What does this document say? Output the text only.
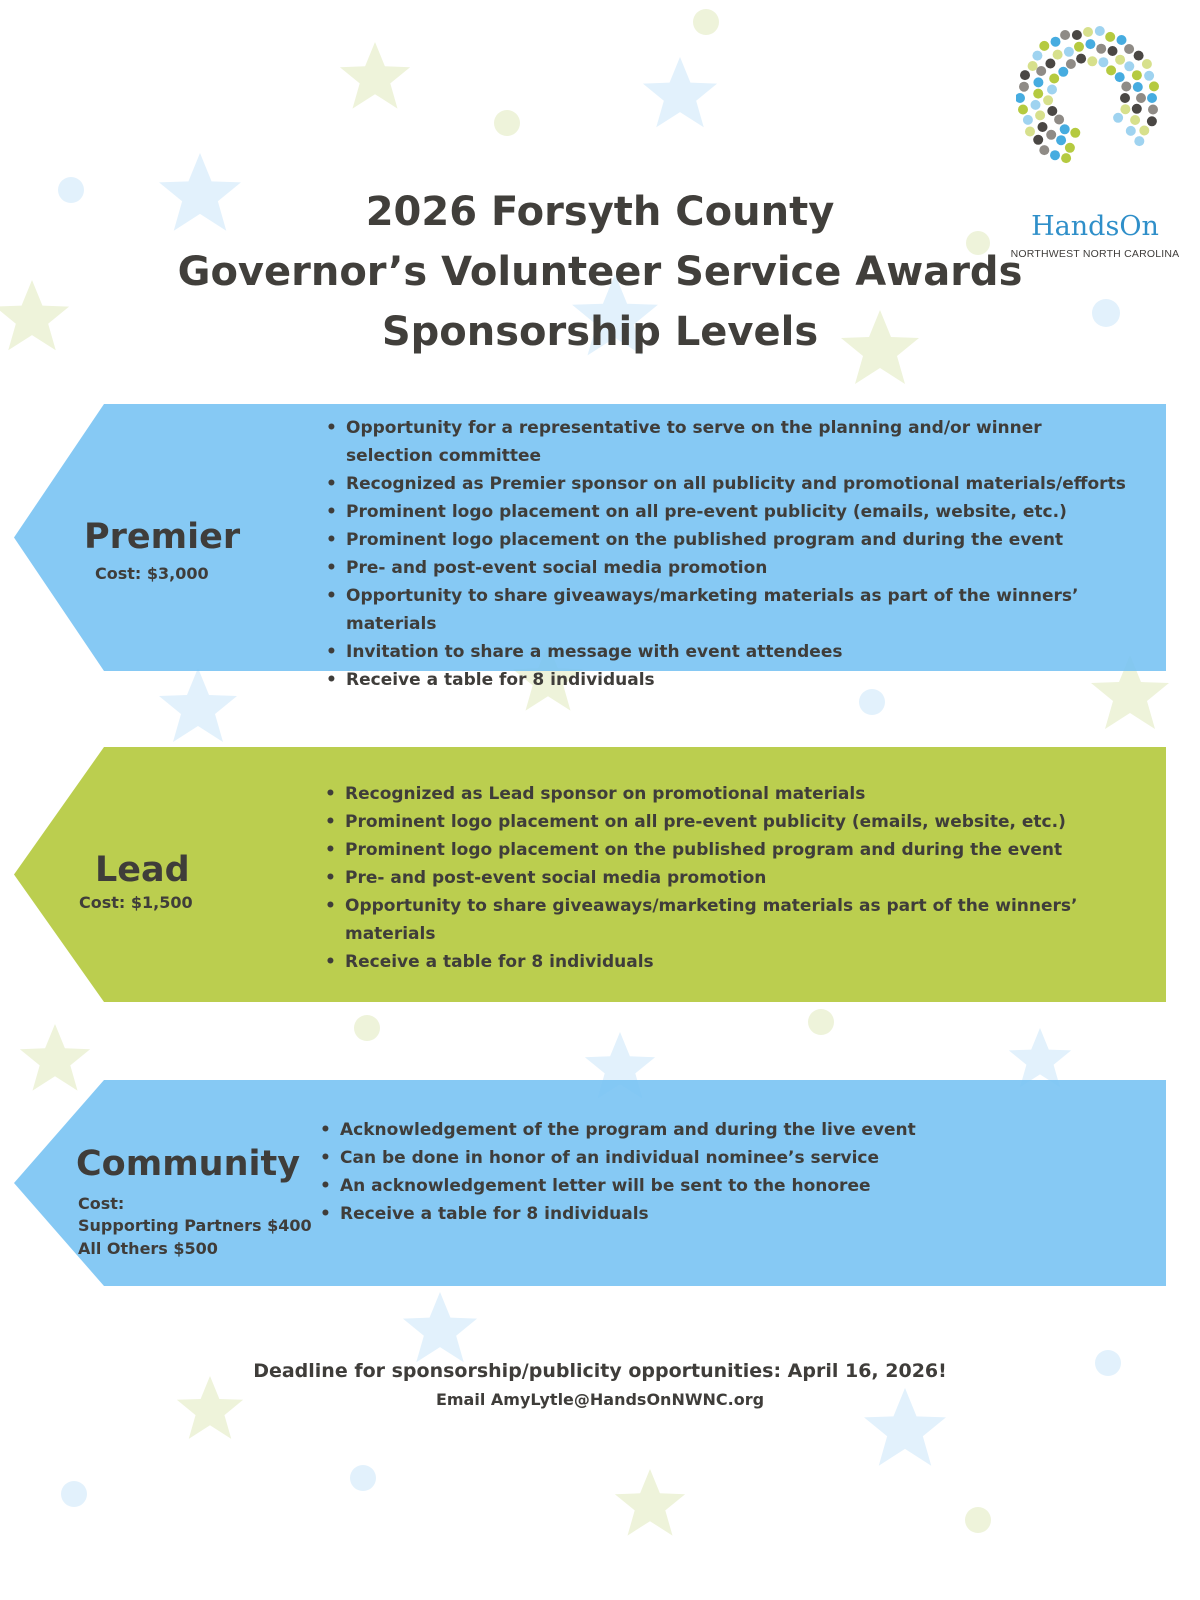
HandsOn
NORTHWEST NORTH CAROLINA
2026 Forsyth County
Governor’s Volunteer Service Awards
Sponsorship Levels
Premier
Cost: $3,000
• Opportunity for a representative to serve on the planning and/or winner selection committee
• Recognized as Premier sponsor on all publicity and promotional materials/efforts
• Prominent logo placement on all pre-event publicity (emails, website, etc.)
• Prominent logo placement on the published program and during the event
• Pre- and post-event social media promotion
• Opportunity to share giveaways/marketing materials as part of the winners’ materials
• Invitation to share a message with event attendees
• Receive a table for 8 individuals
Lead
Cost: $1,500
• Recognized as Lead sponsor on promotional materials
• Prominent logo placement on all pre-event publicity (emails, website, etc.)
• Prominent logo placement on the published program and during the event
• Pre- and post-event social media promotion
• Opportunity to share giveaways/marketing materials as part of the winners’ materials
• Receive a table for 8 individuals
Community
Cost:
Supporting Partners $400
All Others $500
• Acknowledgement of the program and during the live event
• Can be done in honor of an individual nominee’s service
• An acknowledgement letter will be sent to the honoree
• Receive a table for 8 individuals
Deadline for sponsorship/publicity opportunities: April 16, 2026!
Email AmyLytle@HandsOnNWNC.org
